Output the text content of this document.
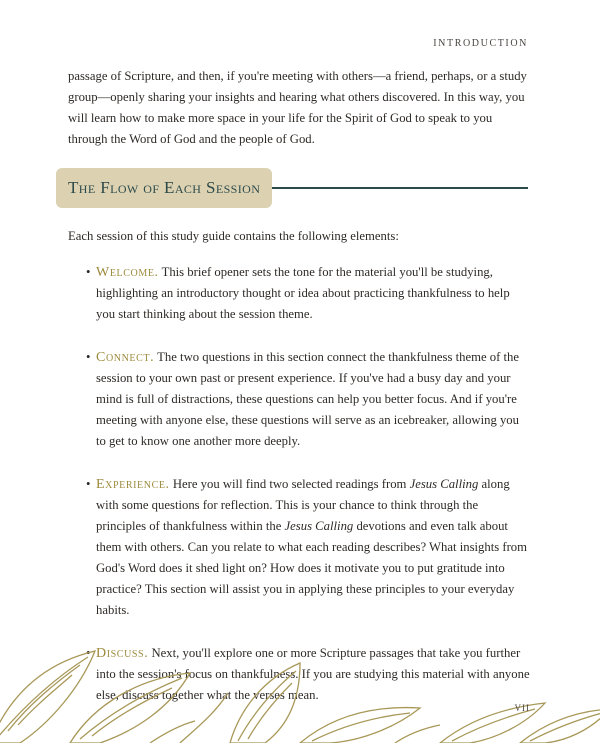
INTRODUCTION

passage of Scripture, and then, if you're meeting with others—a friend, perhaps, or a study group—openly sharing your insights and hearing what others discovered. In this way, you will learn how to make more space in your life for the Spirit of God to speak to you through the Word of God and the people of God.

The Flow of Each Session

Each session of this study guide contains the following elements:

• Welcome. This brief opener sets the tone for the material you'll be studying, highlighting an introductory thought or idea about practicing thankfulness to help you start thinking about the session theme.
• Connect. The two questions in this section connect the thankfulness theme of the session to your own past or present experience. If you've had a busy day and your mind is full of distractions, these questions can help you better focus. And if you're meeting with anyone else, these questions will serve as an icebreaker, allowing you to get to know one another more deeply.
• Experience. Here you will find two selected readings from Jesus Calling along with some questions for reflection. This is your chance to think through the principles of thankfulness within the Jesus Calling devotions and even talk about them with others. Can you relate to what each reading describes? What insights from God's Word does it shed light on? How does it motivate you to put gratitude into practice? This section will assist you in applying these principles to your everyday habits.
• Discuss. Next, you'll explore one or more Scripture passages that take you further into the session's focus on thankfulness. If you are studying this material with anyone else, discuss together what the verses mean.
VII
